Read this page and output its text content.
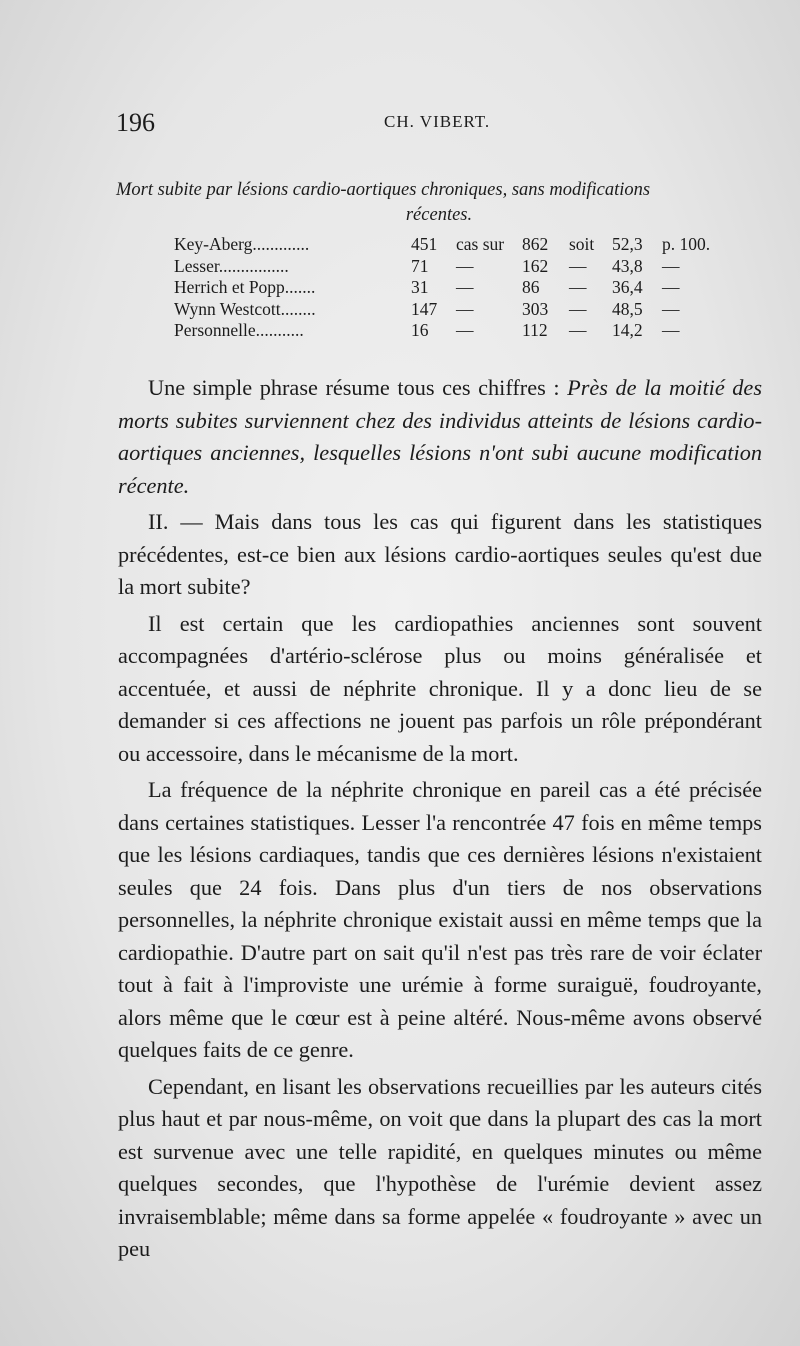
196	CH. VIBERT.
Mort subite par lésions cardio-aortiques chroniques, sans modifications
récentes.
Key-Aberg.............	451 cas sur 862 soit 52,3 p. 100.
Lesser................	71 —	162 — 43,8 —
Herrich et Popp.......	31 —	86 — 36,4 —
Wynn Westcott........	147 —	303 — 48,5 —
Personnelle...........	16 —	112 — 14,2 —

Une simple phrase résume tous ces chiffres : Près de la moitié des morts subites surviennent chez des individus atteints de lésions cardio-aortiques anciennes, lesquelles lésions n'ont subi aucune modification récente.

II. — Mais dans tous les cas qui figurent dans les statistiques précédentes, est-ce bien aux lésions cardio-aortiques seules qu'est due la mort subite?

Il est certain que les cardiopathies anciennes sont souvent accompagnées d'artério-sclérose plus ou moins généralisée et accentuée, et aussi de néphrite chronique. Il y a donc lieu de se demander si ces affections ne jouent pas parfois un rôle prépondérant ou accessoire, dans le mécanisme de la mort.

La fréquence de la néphrite chronique en pareil cas a été précisée dans certaines statistiques. Lesser l'a rencontrée 47 fois en même temps que les lésions cardiaques, tandis que ces dernières lésions n'existaient seules que 24 fois. Dans plus d'un tiers de nos observations personnelles, la néphrite chronique existait aussi en même temps que la cardiopathie. D'autre part on sait qu'il n'est pas très rare de voir éclater tout à fait à l'improviste une urémie à forme suraiguë, foudroyante, alors même que le cœur est à peine altéré. Nous-même avons observé quelques faits de ce genre.

Cependant, en lisant les observations recueillies par les auteurs cités plus haut et par nous-même, on voit que dans la plupart des cas la mort est survenue avec une telle rapidité, en quelques minutes ou même quelques secondes, que l'hypothèse de l'urémie devient assez invraisemblable; même dans sa forme appelée « foudroyante » avec un peu
